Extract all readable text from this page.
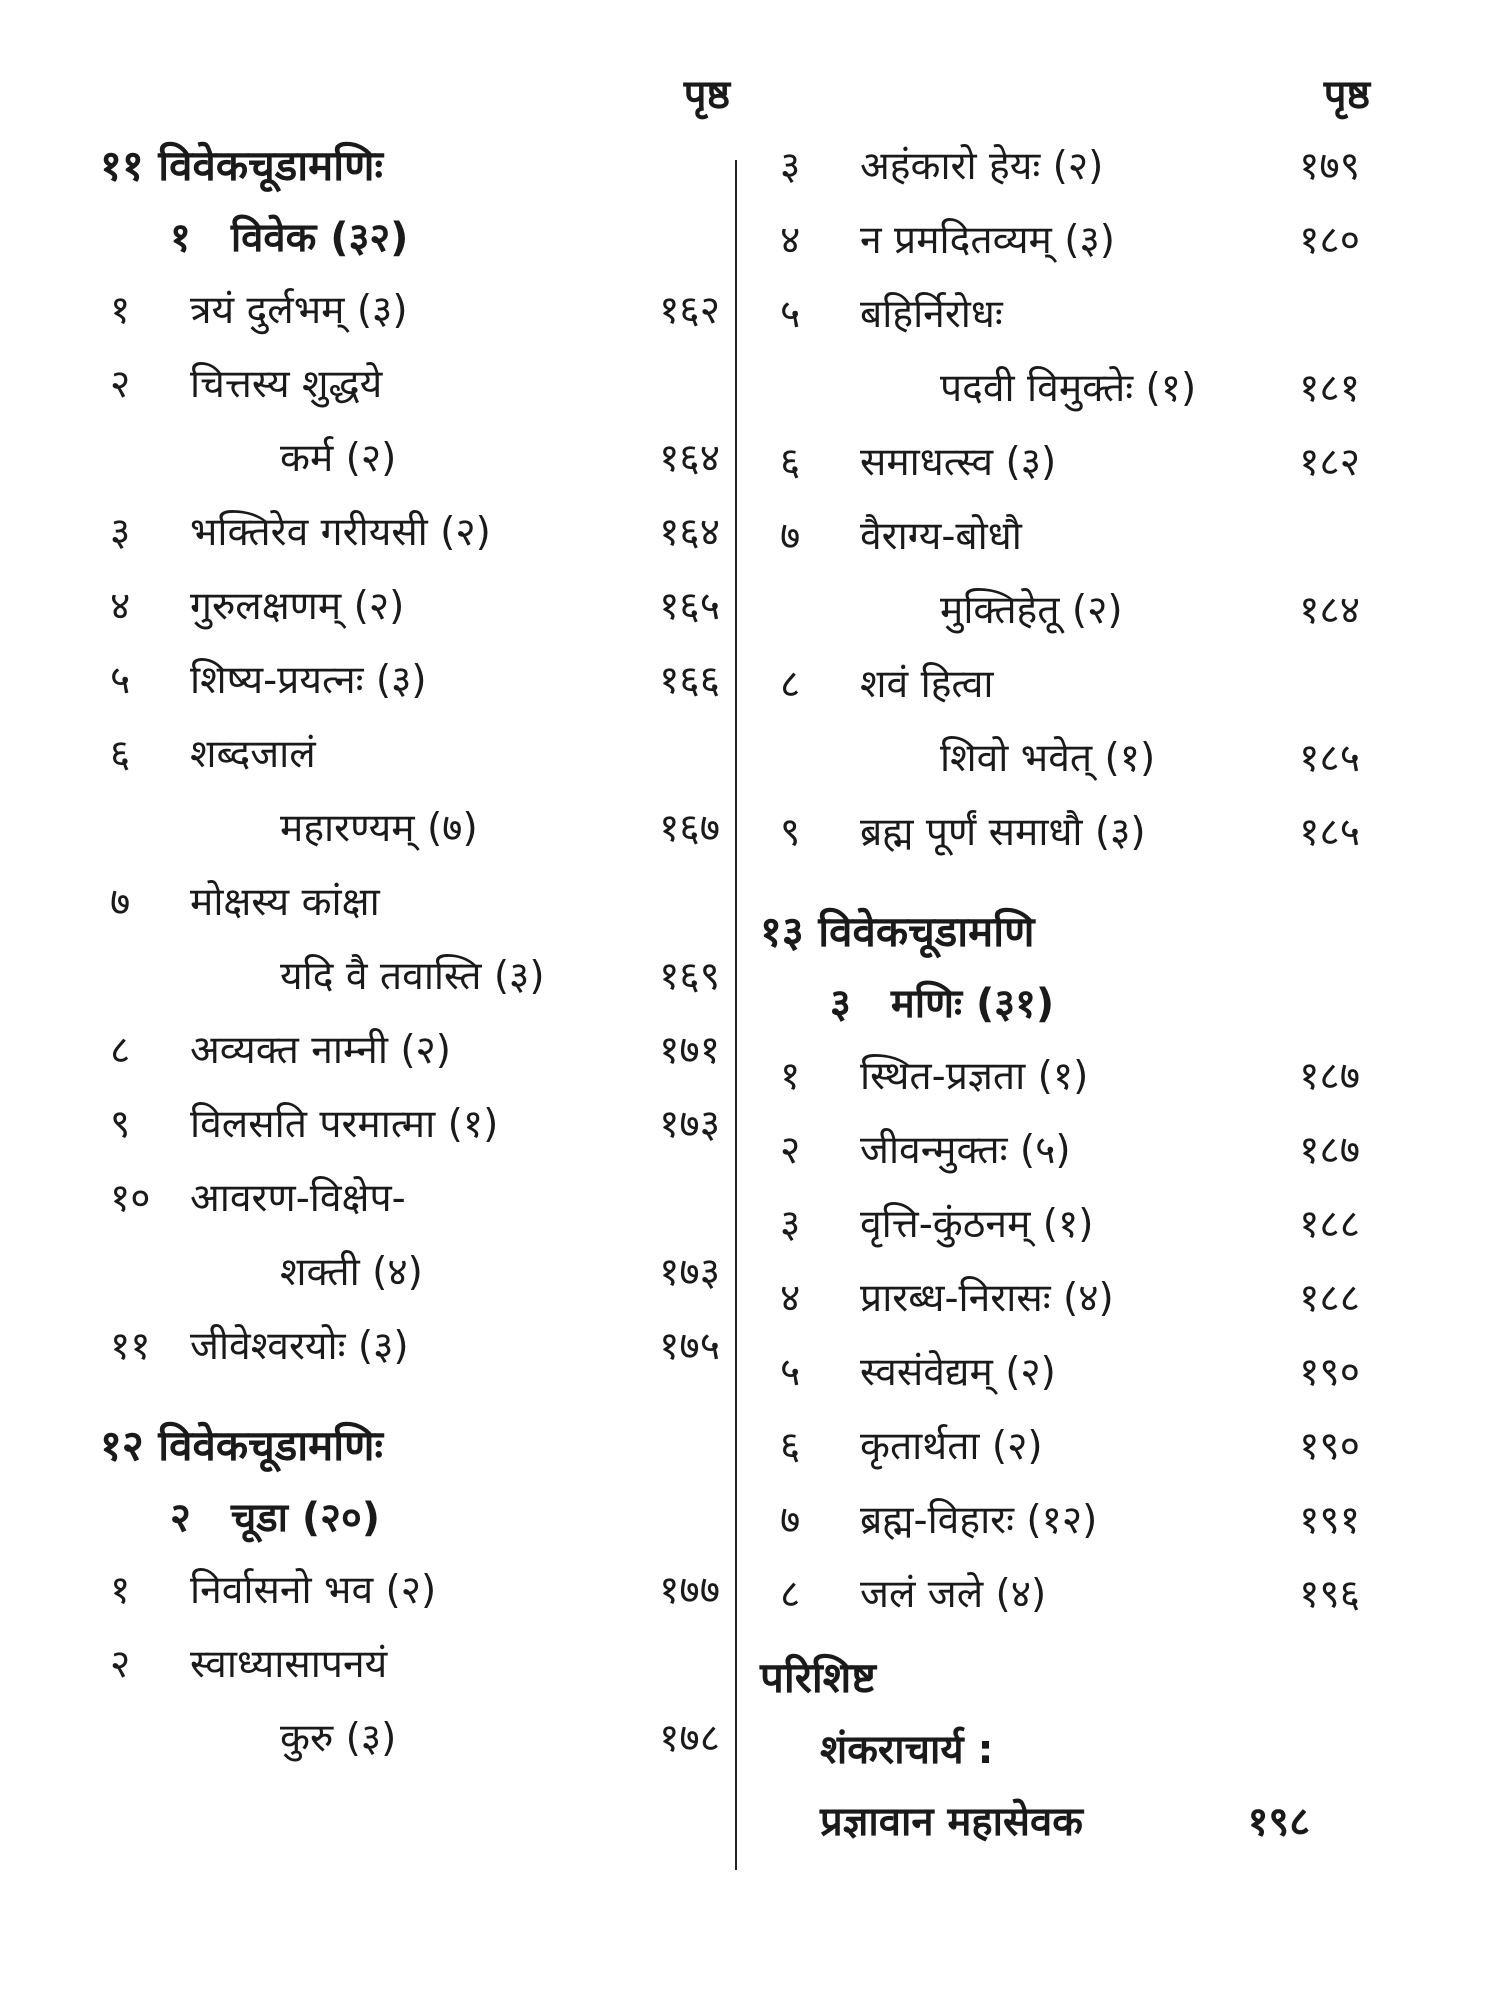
पृष्ठ
११ विवेकचूडामणिः
१ विवेक (३२)
१	त्रयं दुर्लभम् (३)	१६२
२	चित्तस्य शुद्धये
कर्म (२)	१६४
३	भक्तिरेव गरीयसी (२)	१६४
४	गुरुलक्षणम् (२)	१६५
५	शिष्य-प्रयत्नः (३)	१६६
६	शब्दजालं
महारण्यम् (७)	१६७
७	मोक्षस्य कांक्षा
यदि वै तवास्ति (३)	१६९
८	अव्यक्त नाम्नी (२)	१७१
९	विलसति परमात्मा (१)	१७३
१०	आवरण-विक्षेप-
शक्ती (४)	१७३
११	जीवेश्वरयोः (३)	१७५
१२ विवेकचूडामणिः
२ चूडा (२०)
१	निर्वासनो भव (२)	१७७
२	स्वाध्यासापनयं
कुरु (३)	१७८
पृष्ठ
३	अहंकारो हेयः (२)	१७९
४	न प्रमदितव्यम् (३)	१८०
५	बहिर्निरोधः
पदवी विमुक्तेः (१)	१८१
६	समाधत्स्व (३)	१८२
७	वैराग्य-बोधौ
मुक्तिहेतू (२)	१८४
८	शवं हित्वा
शिवो भवेत् (१)	१८५
९	ब्रह्म पूर्णं समाधौ (३)	१८५
१३ विवेकचूडामणि
३ मणिः (३१)
१	स्थित-प्रज्ञता (१)	१८७
२	जीवन्मुक्तः (५)	१८७
३	वृत्ति-कुंठनम् (१)	१८८
४	प्रारब्ध-निरासः (४)	१८८
५	स्वसंवेद्यम् (२)	१९०
६	कृतार्थता (२)	१९०
७	ब्रह्म-विहारः (१२)	१९१
८	जलं जले (४)	१९६
परिशिष्ट
शंकराचार्य :
प्रज्ञावान महासेवक	१९८
